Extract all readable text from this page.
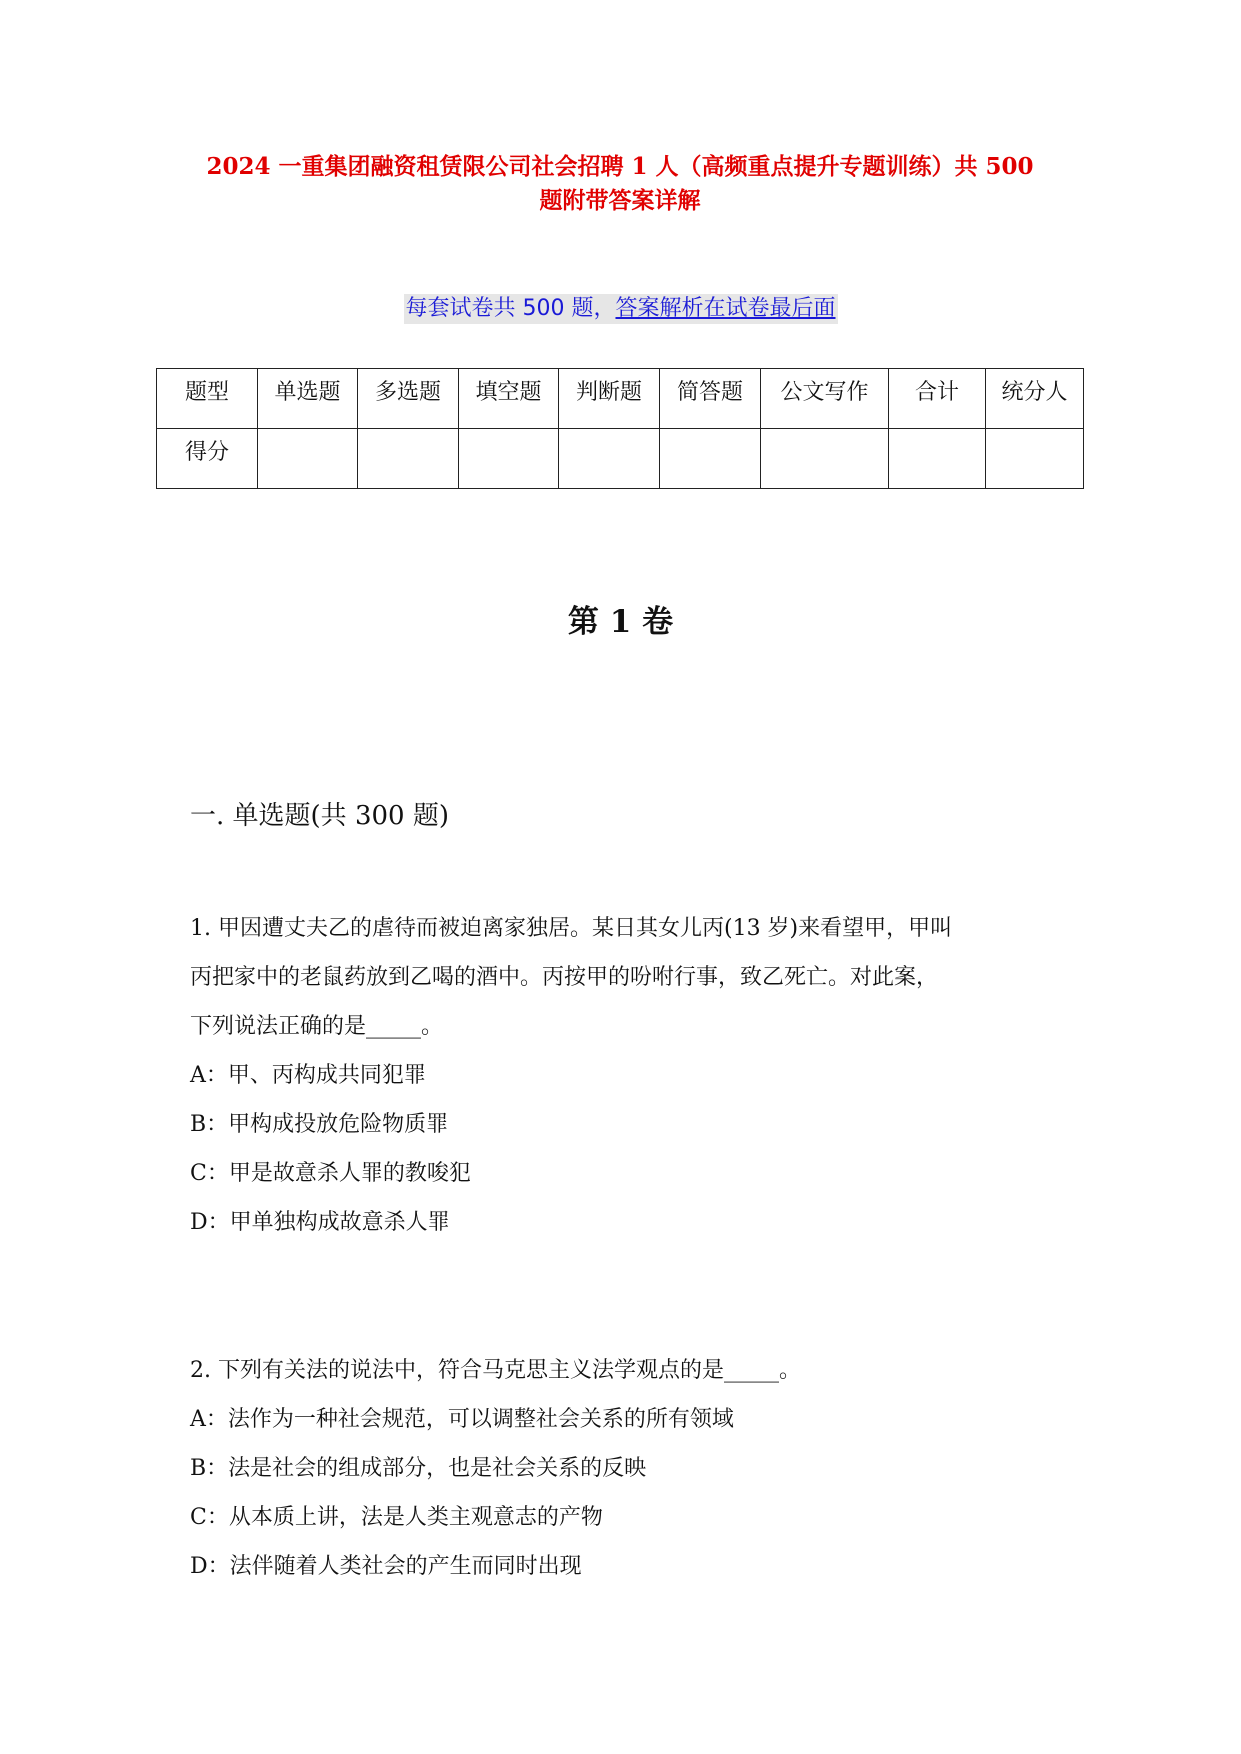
2024 一重集团融资租赁限公司社会招聘 1 人（高频重点提升专题训练）共 500
题附带答案详解
每套试卷共 500 题，答案解析在试卷最后面
题型	单选题	多选题	填空题	判断题	简答题	公文写作	合计	统分人
得分								
第 1 卷
一. 单选题(共 300 题)

1. 甲因遭丈夫乙的虐待而被迫离家独居。某日其女儿丙(13 岁)来看望甲，甲叫

丙把家中的老鼠药放到乙喝的酒中。丙按甲的吩咐行事，致乙死亡。对此案，

下列说法正确的是_____。

A：甲、丙构成共同犯罪

B：甲构成投放危险物质罪

C：甲是故意杀人罪的教唆犯

D：甲单独构成故意杀人罪

2. 下列有关法的说法中，符合马克思主义法学观点的是_____。

A：法作为一种社会规范，可以调整社会关系的所有领域

B：法是社会的组成部分，也是社会关系的反映

C：从本质上讲，法是人类主观意志的产物

D：法伴随着人类社会的产生而同时出现
